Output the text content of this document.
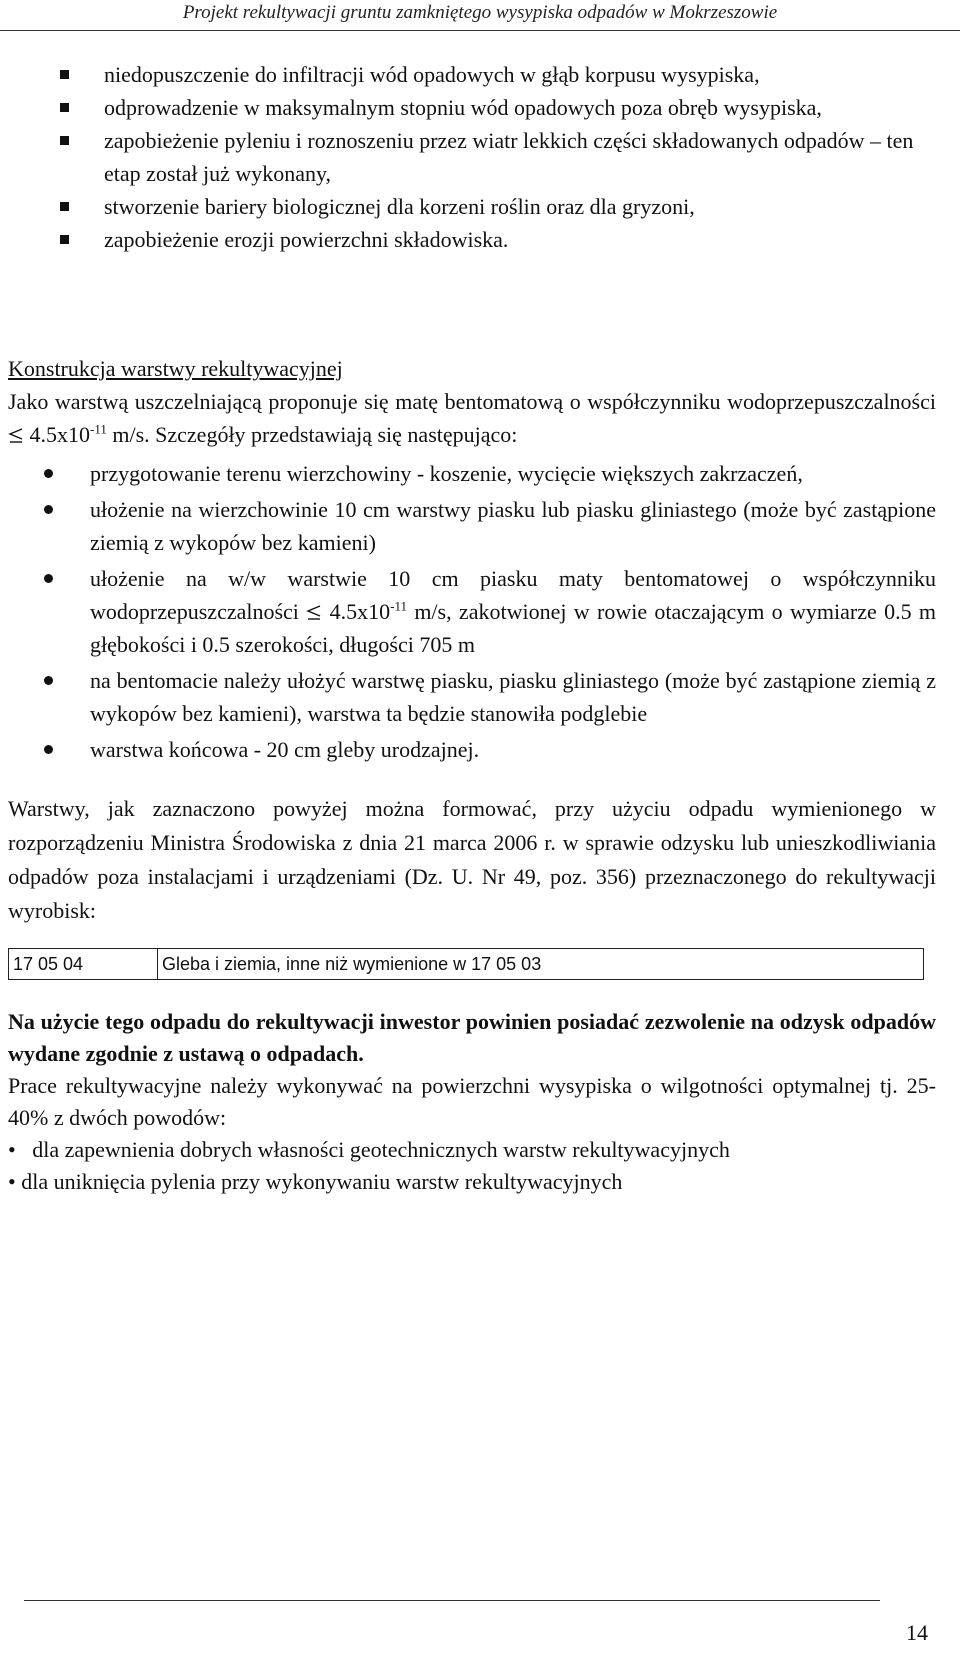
Projekt rekultywacji gruntu zamkniętego wysypiska odpadów w Mokrzeszowie
niedopuszczenie do infiltracji wód opadowych w głąb korpusu wysypiska,
odprowadzenie w maksymalnym stopniu wód opadowych poza obręb wysypiska,
zapobieżenie pyleniu i roznoszeniu przez wiatr lekkich części składowanych odpadów – ten etap został już wykonany,
stworzenie bariery biologicznej dla korzeni roślin oraz dla gryzoni,
zapobieżenie erozji powierzchni składowiska.
Konstrukcja warstwy rekultywacyjnej

Jako warstwą uszczelniającą proponuje się matę bentomatową o współczynniku wodoprzepuszczalności  $4.5x10^{-11}$ m/s. Szczegóły przedstawiają się następująco:

przygotowanie terenu wierzchowiny - koszenie, wycięcie większych zakrzaczeń,
ułożenie na wierzchowinie 10 cm warstwy piasku lub piasku gliniastego (może być zastąpione ziemią z wykopów bez kamieni)
ułożenie na w/w warstwie 10 cm piasku maty bentomatowej o współczynniku wodoprzepuszczalności $4.5x10^{-11}$ m/s, zakotwionej w rowie otaczającym o wymiarze 0.5 m głębokości i 0.5 szerokości, długości 705 m
na bentomacie należy ułożyć warstwę piasku, piasku gliniastego (może być zastąpione ziemią z wykopów bez kamieni), warstwa ta będzie stanowiła podglebie
warstwa końcowa - 20 cm gleby urodzajnej.
Warstwy, jak zaznaczono powyżej można formować, przy użyciu odpadu wymienionego w rozporządzeniu Ministra Środowiska z dnia 21 marca 2006 r. w sprawie odzysku lub unieszkodliwiania odpadów poza instalacjami i urządzeniami (Dz. U. Nr 49, poz. 356) przeznaczonego do rekultywacji wyrobisk:
17 05 04	Gleba i ziemia, inne niż wymienione w 17 05 03
Na użycie tego odpadu do rekultywacji inwestor powinien posiadać zezwolenie na odzysk odpadów wydane zgodnie z ustawą o odpadach.

Prace rekultywacyjne należy wykonywać na powierzchni wysypiska o wilgotności optymalnej tj. 25-40% z dwóch powodów:

• dla zapewnienia dobrych własności geotechnicznych warstw rekultywacyjnych

• dla uniknięcia pylenia przy wykonywaniu warstw rekultywacyjnych

14
